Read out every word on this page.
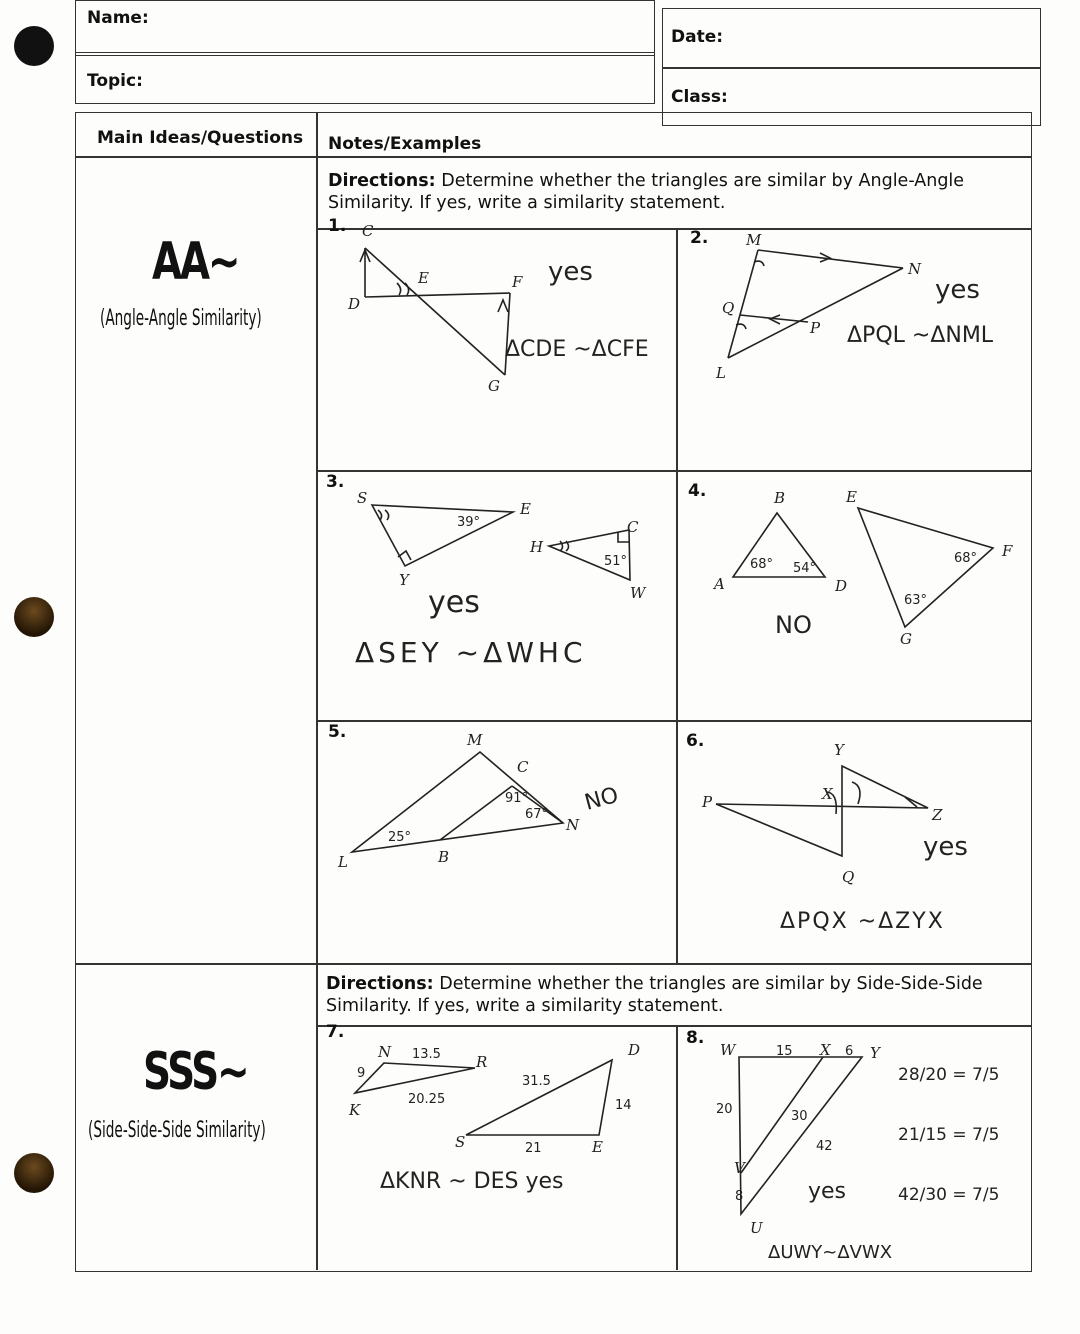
Name:
Date:
Topic:
Class:
Main Ideas/Questions Notes/Examples
Directions: Determine whether the triangles are similar by Angle-Angle
Similarity. If yes, write a similarity statement.
AA~
(Angle-Angle Similarity)
Directions: Determine whether the triangles are similar by Side-Side-Side
Similarity. If yes, write a similarity statement.
SSS~
(Side-Side-Side Similarity)
1.
2.
3.	4.
5.	6.
7.	8.
C
D
E	F
G
yes
ΔCDE ~ΔCFE
M
N
Q
P
L
yes
ΔPQL ~ΔNML
S
E
Y
H
C
W
39°
51°
yes
ΔSEY ~ΔWHC
B	E
A	D
F
G
68° 54°
68°
63°
NO
M
C
L	B
N
25°
91°
67° NO
Y
P	X
Z
Q
yes
ΔPQX ~ΔZYX
N
R
K
D
S	E
13.5
9
20.25
31.5
14
21
ΔKNR ~ DES yes
W	X	Y
V
U
15	6
20	30
42
8	yes
ΔUWY~ΔVWX
28/20 = 7/5
21/15 = 7/5
42/30 = 7/5
